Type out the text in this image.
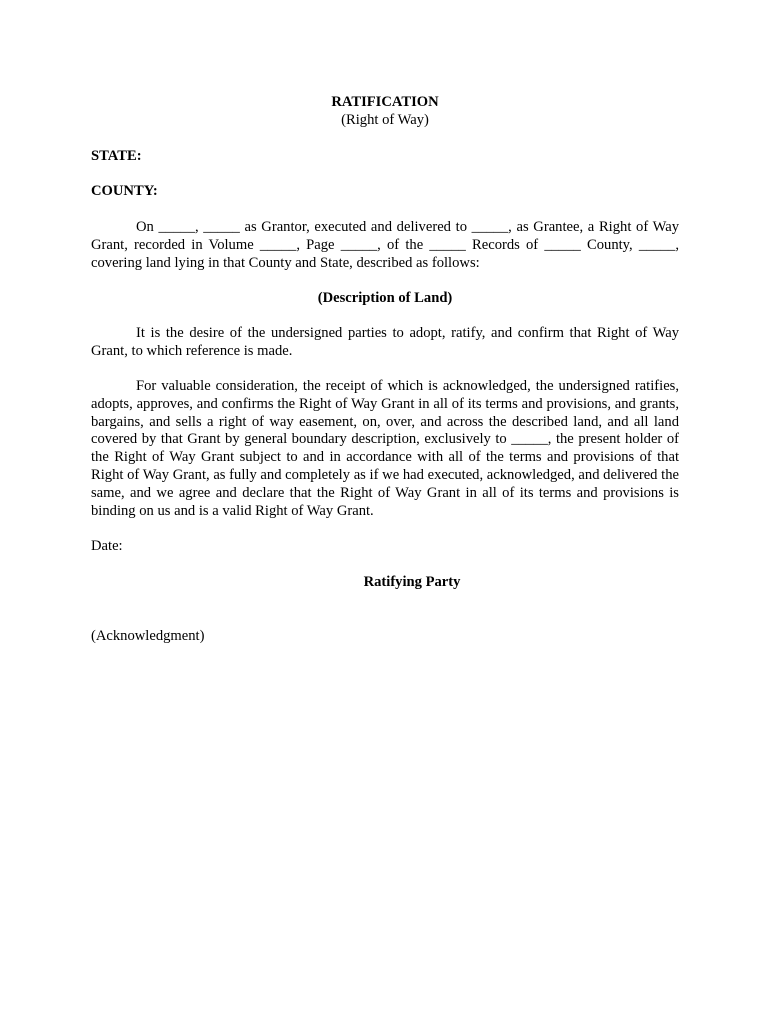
RATIFICATION

(Right of Way)

STATE:

COUNTY:

On _____, _____ as Grantor, executed and delivered to _____, as Grantee, a Right of Way Grant, recorded in Volume _____, Page _____, of the _____ Records of _____ County, _____, covering land lying in that County and State, described as follows:

(Description of Land)

It is the desire of the undersigned parties to adopt, ratify, and confirm that Right of Way Grant, to which reference is made.

For valuable consideration, the receipt of which is acknowledged, the undersigned ratifies, adopts, approves, and confirms the Right of Way Grant in all of its terms and provisions, and grants, bargains, and sells a right of way easement, on, over, and across the described land, and all land covered by that Grant by general boundary description, exclusively to _____, the present holder of the Right of Way Grant subject to and in accordance with all of the terms and provisions of that Right of Way Grant, as fully and completely as if we had executed, acknowledged, and delivered the same, and we agree and declare that the Right of Way Grant in all of its terms and provisions is binding on us and is a valid Right of Way Grant.

Date:

Ratifying Party

(Acknowledgment)
